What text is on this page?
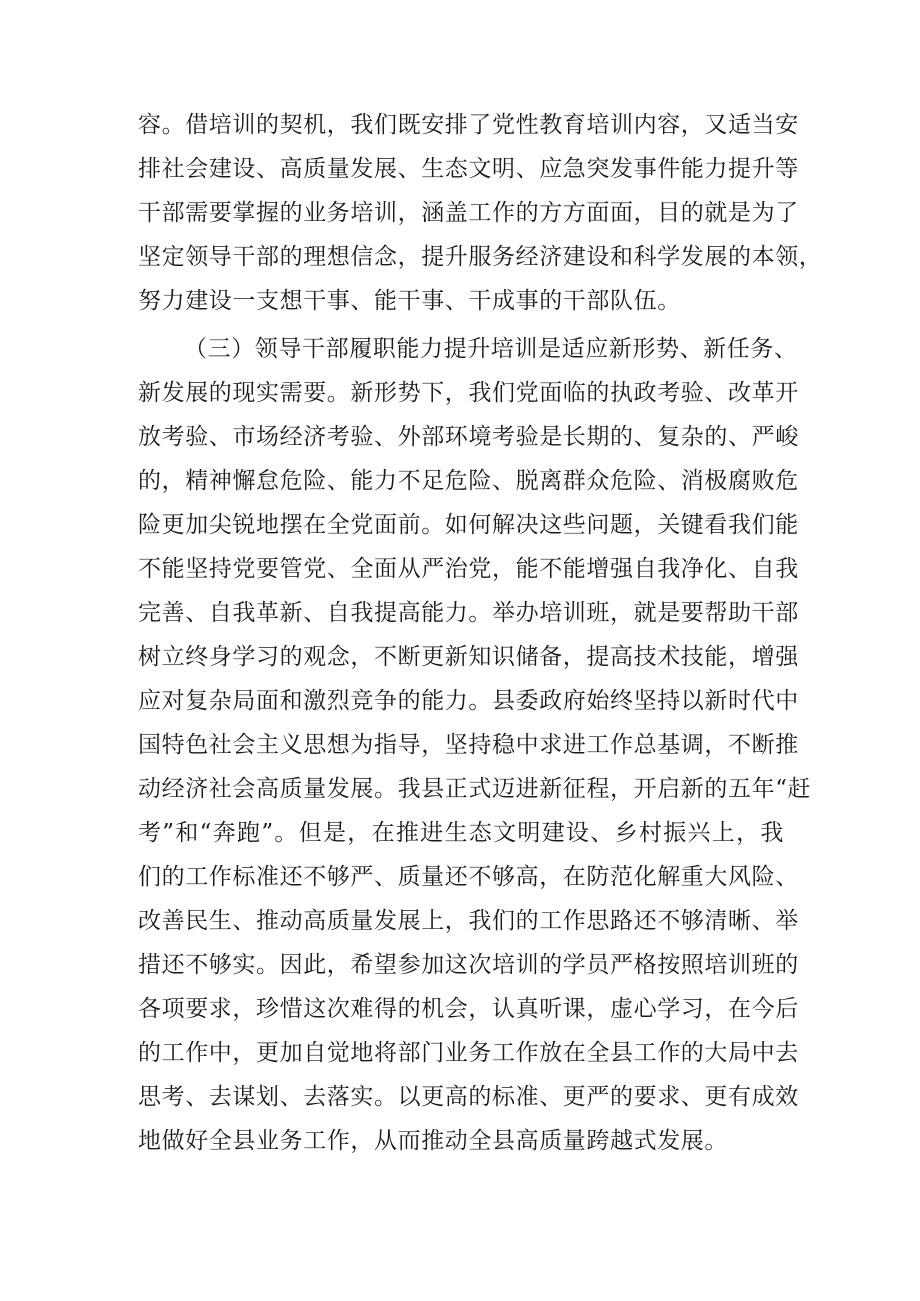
容。借培训的契机，我们既安排了党性教育培训内容，又适当安
排社会建设、高质量发展、生态文明、应急突发事件能力提升等
干部需要掌握的业务培训，涵盖工作的方方面面，目的就是为了
坚定领导干部的理想信念，提升服务经济建设和科学发展的本领，
努力建设一支想干事、能干事、干成事的干部队伍。
（三）领导干部履职能力提升培训是适应新形势、新任务、
新发展的现实需要。新形势下，我们党面临的执政考验、改革开
放考验、市场经济考验、外部环境考验是长期的、复杂的、严峻
的，精神懈怠危险、能力不足危险、脱离群众危险、消极腐败危
险更加尖锐地摆在全党面前。如何解决这些问题，关键看我们能
不能坚持党要管党、全面从严治党，能不能增强自我净化、自我
完善、自我革新、自我提高能力。举办培训班，就是要帮助干部
树立终身学习的观念，不断更新知识储备，提高技术技能，增强
应对复杂局面和激烈竞争的能力。县委政府始终坚持以新时代中
国特色社会主义思想为指导，坚持稳中求进工作总基调，不断推
动经济社会高质量发展。我县正式迈进新征程，开启新的五年“赶
考”和“奔跑”。但是，在推进生态文明建设、乡村振兴上，我
们的工作标准还不够严、质量还不够高，在防范化解重大风险、
改善民生、推动高质量发展上，我们的工作思路还不够清晰、举
措还不够实。因此，希望参加这次培训的学员严格按照培训班的
各项要求，珍惜这次难得的机会，认真听课，虚心学习，在今后
的工作中，更加自觉地将部门业务工作放在全县工作的大局中去
思考、去谋划、去落实。以更高的标准、更严的要求、更有成效
地做好全县业务工作，从而推动全县高质量跨越式发展。
